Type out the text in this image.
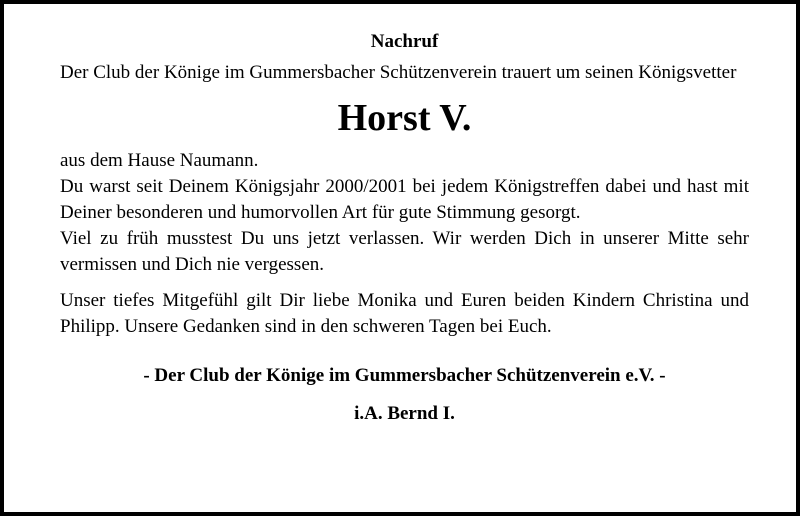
Nachruf

Der Club der Könige im Gummersbacher Schützenverein trauert um seinen Königsvetter

Horst V.

aus dem Hause Naumann.

Du warst seit Deinem Königsjahr 2000/2001 bei jedem Königstreffen dabei und hast mit Deiner besonderen und humorvollen Art für gute Stimmung gesorgt.

Viel zu früh musstest Du uns jetzt verlassen. Wir werden Dich in unserer Mitte sehr vermissen und Dich nie vergessen.

Unser tiefes Mitgefühl gilt Dir liebe Monika und Euren beiden Kindern Christina und Philipp. Unsere Gedanken sind in den schweren Tagen bei Euch.

- Der Club der Könige im Gummersbacher Schützenverein e.V. -

i.A. Bernd I.
